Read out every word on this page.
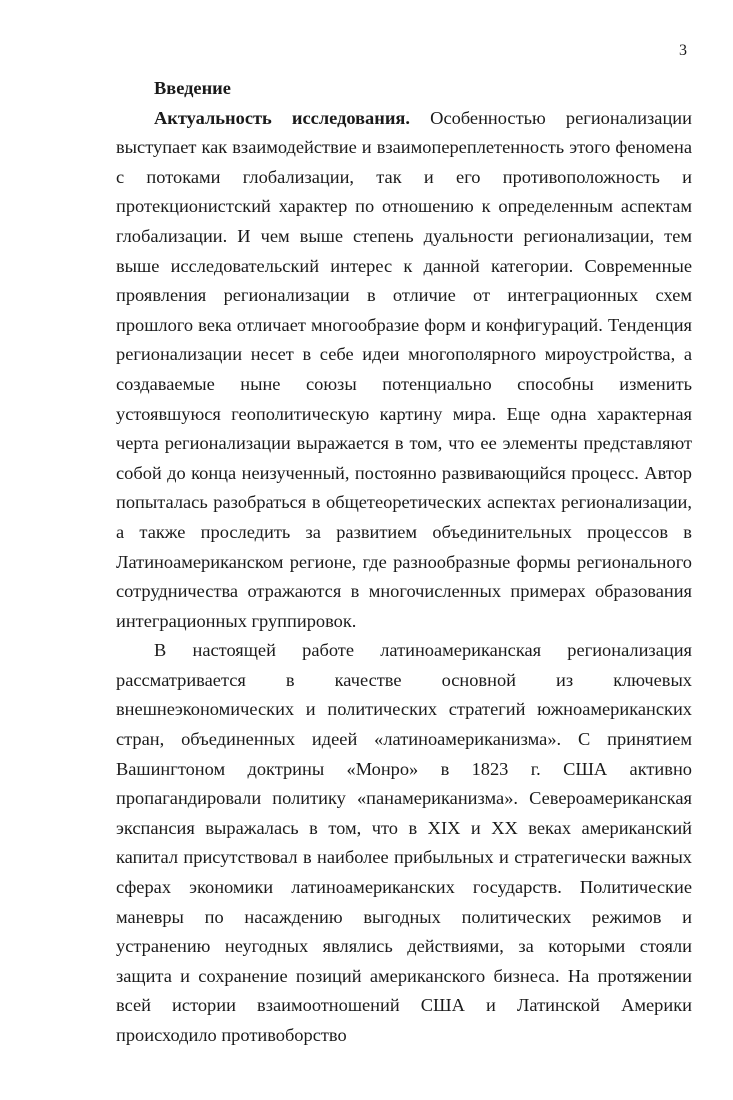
3
Введение

Актуальность исследования. Особенностью регионализации выступает как взаимодействие и взаимопереплетенность этого феномена с потоками глобализации, так и его противоположность и протекционистский характер по отношению к определенным аспектам глобализации. И чем выше степень дуальности регионализации, тем выше исследовательский интерес к данной категории. Современные проявления регионализации в отличие от интеграционных схем прошлого века отличает многообразие форм и конфигураций. Тенденция регионализации несет в себе идеи многополярного мироустройства, а создаваемые ныне союзы потенциально способны изменить устоявшуюся геополитическую картину мира. Еще одна характерная черта регионализации выражается в том, что ее элементы представляют собой до конца неизученный, постоянно развивающийся процесс. Автор попыталась разобраться в общетеоретических аспектах регионализации, а также проследить за развитием объединительных процессов в Латиноамериканском регионе, где разнообразные формы регионального сотрудничества отражаются в многочисленных примерах образования интеграционных группировок.

В настоящей работе латиноамериканская регионализация рассматривается в качестве основной из ключевых внешнеэкономических и политических стратегий южноамериканских стран, объединенных идеей «латиноамериканизма». С принятием Вашингтоном доктрины «Монро» в 1823 г. США активно пропагандировали политику «панамериканизма». Североамериканская экспансия выражалась в том, что в XIX и XX веках американский капитал присутствовал в наиболее прибыльных и стратегически важных сферах экономики латиноамериканских государств. Политические маневры по насаждению выгодных политических режимов и устранению неугодных являлись действиями, за которыми стояли защита и сохранение позиций американского бизнеса. На протяжении всей истории взаимоотношений США и Латинской Америки происходило противоборство
